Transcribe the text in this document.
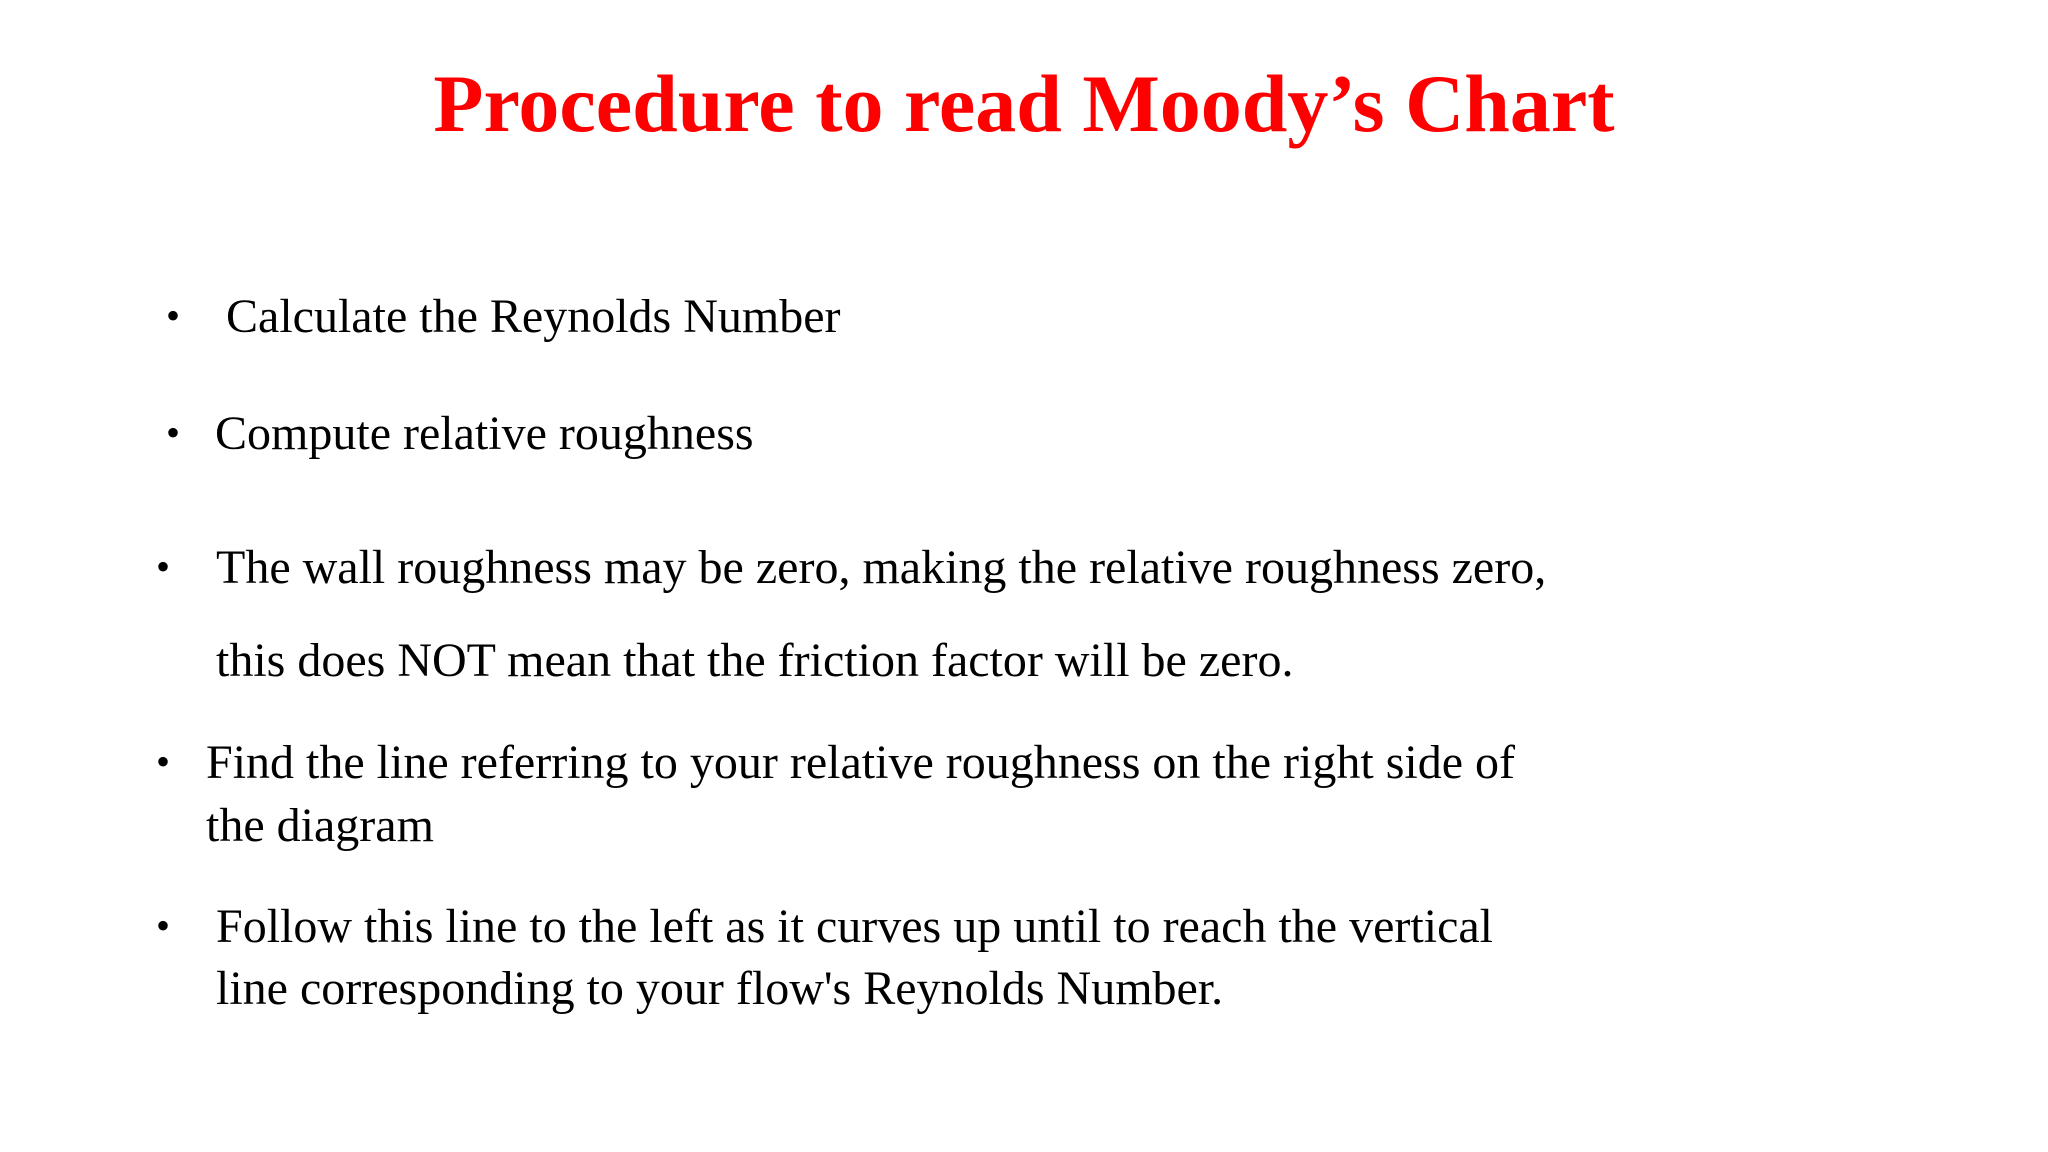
Procedure to read Moody’s Chart
• Calculate the Reynolds Number
• Compute relative roughness
• The wall roughness may be zero, making the relative roughness zero,
this does NOT mean that the friction factor will be zero.
• Find the line referring to your relative roughness on the right side of
the diagram
• Follow this line to the left as it curves up until to reach the vertical
line corresponding to your flow's Reynolds Number.
